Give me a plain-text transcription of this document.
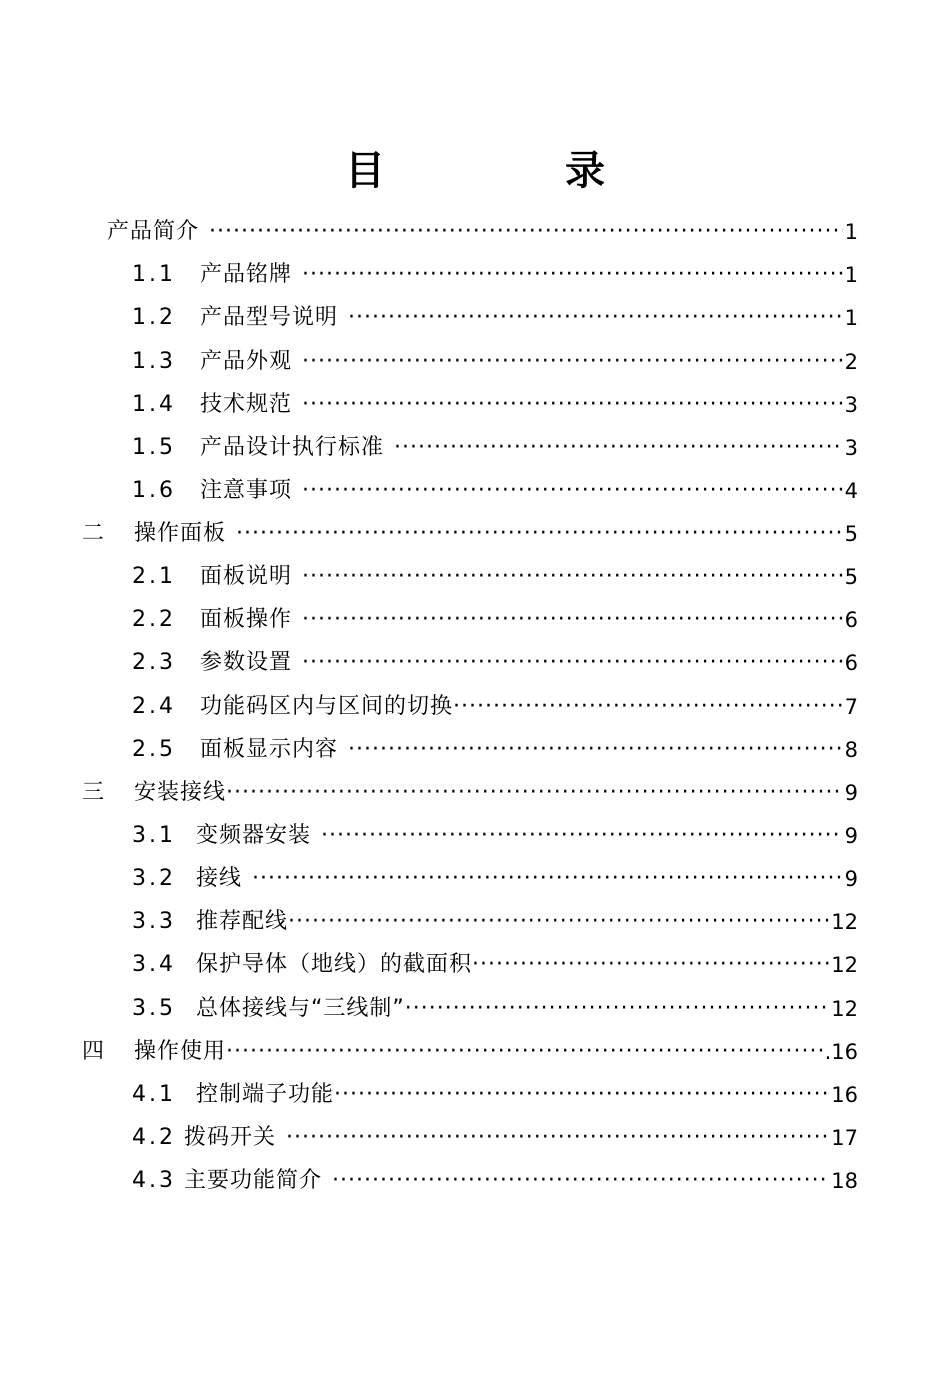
目　录
产品简介 ·····	1
1.1	产品铭牌 ·····	1
1.2	产品型号说明 ·····	1
1.3	产品外观 ·····	2
1.4	技术规范 ·····	3
1.5	产品设计执行标准 ·····	3
1.6	注意事项 ·····	4
二	操作面板 ·····	5
2.1	面板说明 ·····	5
2.2	面板操作 ·····	6
2.3	参数设置 ·····	6
2.4	功能码区内与区间的切换 ·····	7
2.5	面板显示内容 ·····	8
三	安装接线 ·····	9
3.1 变频器安装 ·····	9
3.2 接线 ·····	9
3.3 推荐配线 ·····	12
3.4 保护导体（地线）的截面积 ·····	12
3.5 总体接线与“三线制” ·····	12
四	操作使用 ·····	.16
4.1 控制端子功能 ·····	16
4.2 拨码开关 ·····	17
4.3 主要功能简介 ·····	18
